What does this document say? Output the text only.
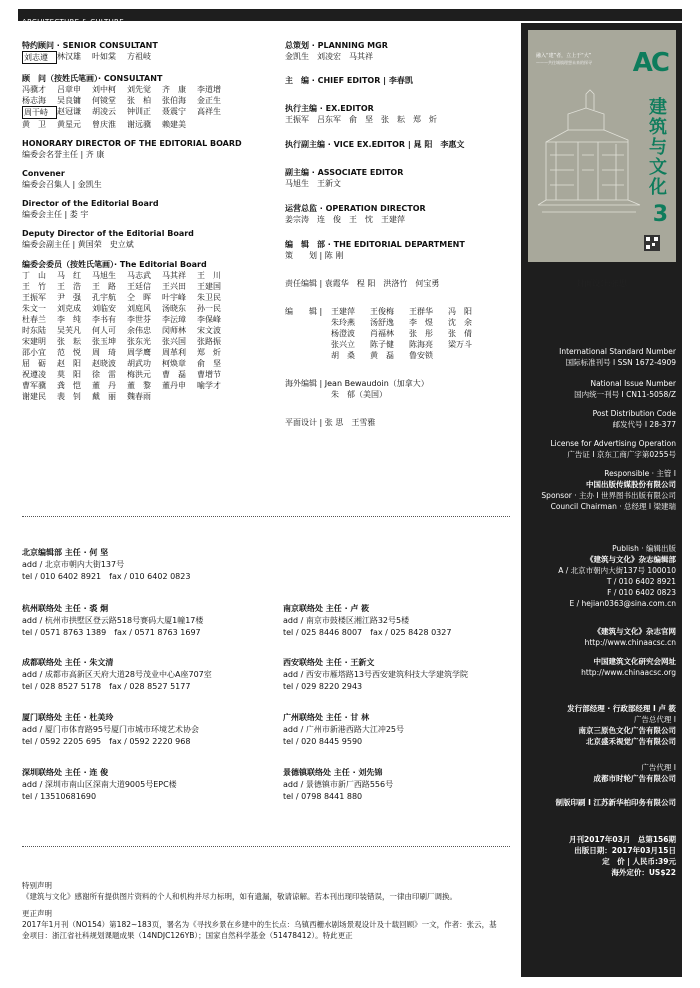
ARCHITECTURE & CULTURE
特约顾问 · SENIOR CONSULTANT
刘志遵	林汉雄	叶如棠	方祖岐
顾　问（按姓氏笔画）· CONSULTANT
冯骥才	吕章申	刘中柯	刘先觉	齐　康	李道增
杨志海	吴良镛	何镜堂	张　柏	张伯海	金正生
周干峙	赵冠谦	胡凌云	钟训正	聂震宁	高祥生
黄　卫	黄星元	曾庆淮	谢远骥	赖建美
HONORARY DIRECTOR OF THE EDITORIAL BOARD
编委会名誉主任 | 齐 康
Convener
编委会召集人 | 金凯生
Director of the Editorial Board
编委会主任 | 娄 宇
Deputy Director of the Editorial Board
编委会副主任 | 黄国荣　史立斌
编委会委员（按姓氏笔画）· The Editorial Board
丁　山	马　红	马旭生	马志武	马其祥	王　川
王　竹	王　浩	王　路	王廷信	王兴田	王建国
王振军	尹　强	孔宇航	仝　晖	叶宇峰	朱卫民
朱文一	刘克成	刘临安	刘庭风	汤晓东	孙一民
杜春兰	李　纯	李书有	李世芬	李沄璋	李保峰
时东陆	吴芙凡	何人可	余伟忠	闵师林	宋文波
宋建明	张　耘	张玉坤	张东光	张兴国	张路振
邵小宜	范　悦	周　琦	周学鹰	周革利	郑　炘
屈　砺	赵　阳	赵晓波	胡武功	柯焕章	俞　坚
祝遵凌	莫　阳	徐　雷	梅洪元	曹　磊	曹增节
曹军骥	龚　恺	董　丹	董　黎	董丹申	喻学才
谢建民	裴　钊	戴　丽	魏春雨
总策划 · PLANNING MGR
金凯生　刘凌宏　马其祥
主　编 · CHIEF EDITOR | 李春凯
执行主编 · EX.EDITOR
王振军　吕东军　俞　坚　张　耘　郑　炘
执行副主编 · VICE EX.EDITOR | 晁 阳　李惠文
副主编 · ASSOCIATE EDITOR
马旭生　王新文
运营总监 · OPERATION DIRECTOR
姜宗涛　连　俊　王　忱　王建萍
编　辑　部 · THE EDITORIAL DEPARTMENT
策　　划 | 陈 刚
责任编辑 | 袁霞华　程 阳　洪洛竹　何宝勇
编　　辑 |	王建萍	王俊梅	王群华	冯　阳
朱玲燕	汤舒逸	李　煜	沈　余
杨澄波	肖福林	张　彤	张　倩
张兴立	陈子健	陈海亮	梁万斗
胡　桑	黄　磊	鲁安锁
海外编辑 | Jean Bewaudoin（加拿大）
朱　郁（美国）
平面设计 | 张 思　王雪雅
北京编辑部 主任 · 何 坚
add / 北京市朝内大街137号
tel / 010 6402 8921　fax / 010 6402 0823
杭州联络处 主任 · 裘 炯
add / 杭州市拱墅区登云路518号赛码大厦1幢17楼
tel / 0571 8763 1389　fax / 0571 8763 1697
南京联络处 主任 · 卢 筱
add / 南京市鼓楼区湘江路32号5楼
tel / 025 8446 8007　fax / 025 8428 0327
成都联络处 主任 · 朱文清
add / 成都市高新区天府大道28号茂业中心A座707室
tel / 028 8527 5178　fax / 028 8527 5177
西安联络处 主任 · 王新文
add / 西安市雁塔路13号西安建筑科技大学建筑学院
tel / 029 8220 2943
厦门联络处 主任 · 杜美玲
add / 厦门市体育路95号厦门市城市环境艺术协会
tel / 0592 2205 695　fax / 0592 2220 968
广州联络处 主任 · 甘 林
add / 广州市新港西路大江冲25号
tel / 020 8445 9590
深圳联络处 主任 · 连 俊
add / 深圳市南山区深南大道9005号EPC楼
tel / 13510681690
景德镇联络处 主任 · 刘先锦
add / 景德镇市新厂西路556号
tel / 0798 8441 880
特别声明
《建筑与文化》感谢所有提供图片资料的个人和机构并尽力标明，如有遗漏，敬请谅解。若本刊出现印装错误，一律由印刷厂调换。
更正声明
2017年1月刊（NO154）第182~183页，署名为《寻找乡景在乡建中的生长点：乌镇西栅水剧场景观设计及十载回顾》一文，作者：张云，基金项目：浙江省社科规划课题成果（14NDJC126YB）；国家自然科学基金（51478412）。特此更正
融入“建”者，立上于“大”
———共往城镇理想未来的探寻	AC
建筑与文化
3
封面设计:张思
International Standard Number
国际标准刊号 I SSN 1672-4909
National Issue Number
国内统一刊号 I CN11-5058/Z
Post Distribution Code
邮发代号 I 28-377
License for Advertising Operation
广告证 I 京东工商广字第0255号
Responsible · 主管 I
中国出版传媒股份有限公司
Sponsor · 主办 I 世界图书出版有限公司
Council Chairman · 总经理 I 梁建瑞
Publish · 编辑出版
《建筑与文化》杂志编辑部
A / 北京市朝内大街137号 100010
T / 010 6402 8921
F / 010 6402 0823
E / hejian0363@sina.com.cn
《建筑与文化》杂志官网
http://www.chinaacsc.cn
中国建筑文化研究会网址
http://www.chinaacsc.org
发行部经理 · 行政部经理 I 卢 筱
广告总代理 I
南京三原色文化广告有限公司
北京盛禾视觉广告有限公司
广告代理 I
成都市时轮广告有限公司
制版印刷 I 江苏新华柏印务有限公司
月刊2017年03月　总第156期
出版日期：2017年03月15日
定　价 | 人民币:39元
海外定价：US$22
